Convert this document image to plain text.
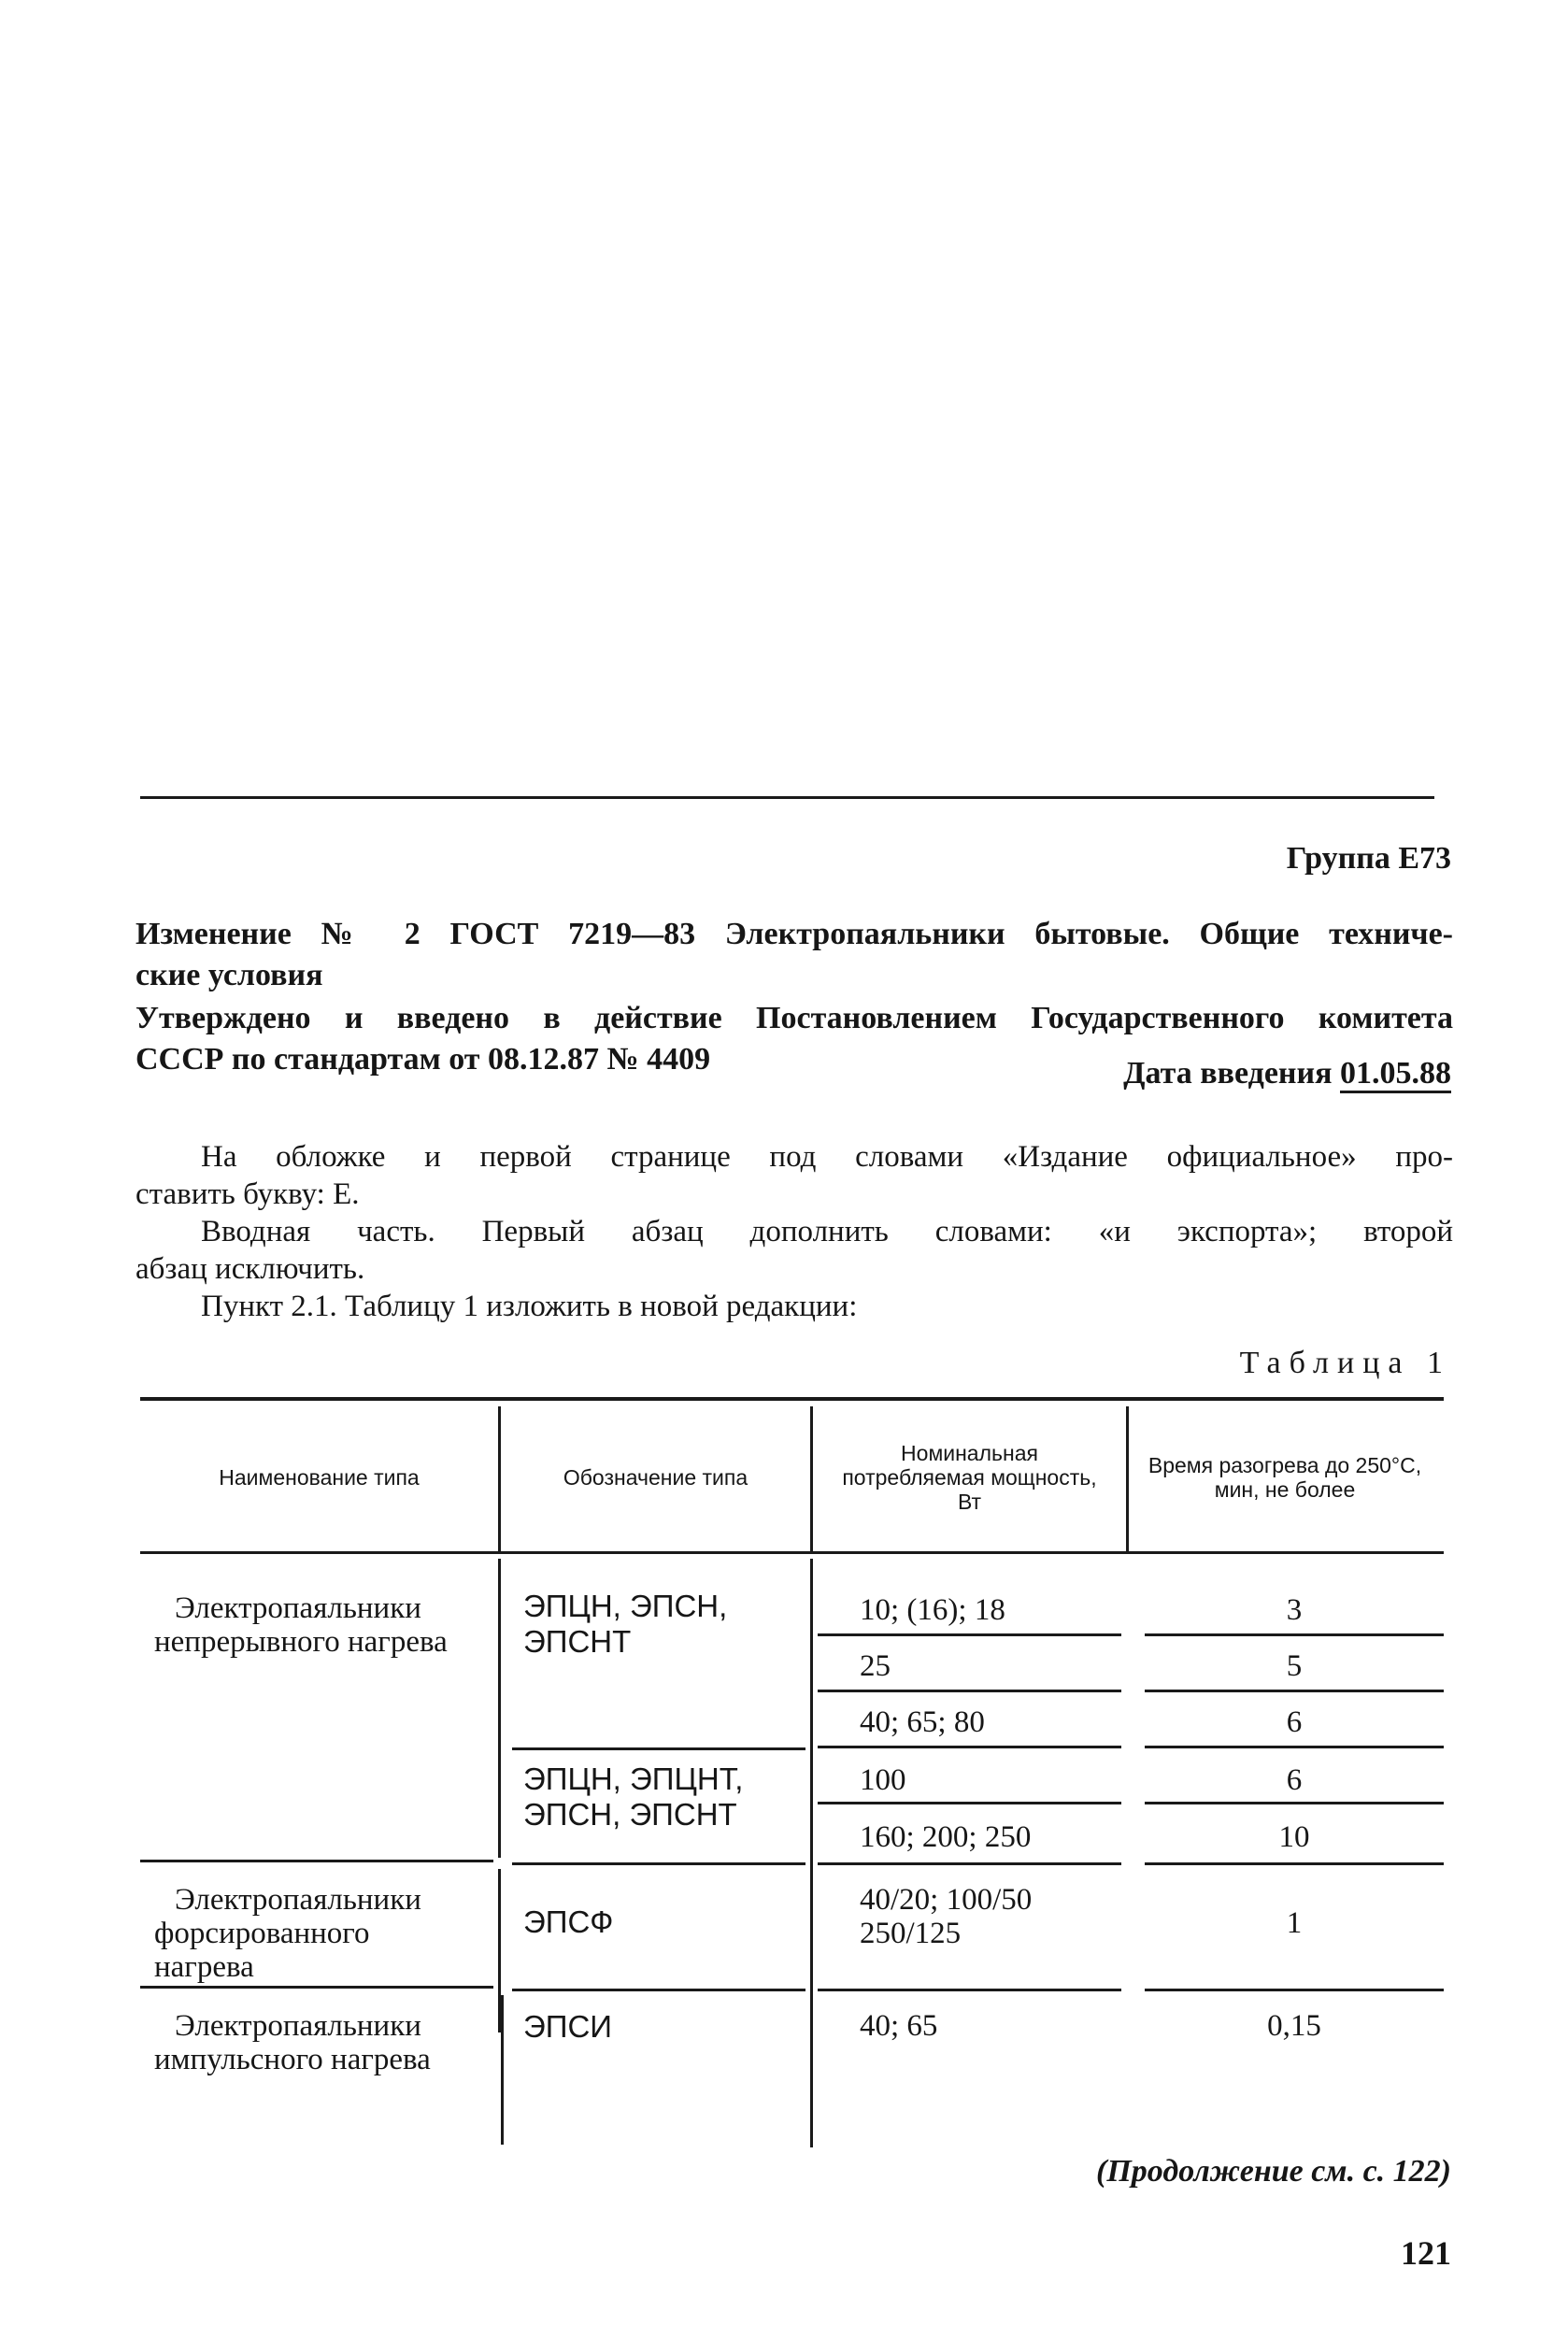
Группа Е73
Изменение № 2 ГОСТ 7219—83 Электропаяльники бытовые. Общие техниче-
ские условия
Утверждено и введено в действие Постановлением Государственного комитета
СССР по стандартам от 08.12.87 № 4409	Дата введения 01.05.88
На обложке и первой странице под словами «Издание официальное» про-
ставить букву: Е.
Вводная часть. Первый абзац дополнить словами: «и экспорта»; второй
абзац исключить.
Пункт 2.1. Таблицу 1 изложить в новой редакции:
Таблица 1
Наименование типа	Обозначение типа
Номинальная потребляемая мощность, Вт
Время разогрева до 250°С, мин, не более
Электропаяльники непрерывного нагрева
Электропаяльники форсированного нагрева
Электропаяльники импульсного нагрева
ЭПЦН, ЭПСН, ЭПСНТ
ЭПЦН, ЭПЦНТ, ЭПСН, ЭПСНТ
ЭПСФ
ЭПСИ
10; (16); 18
25
40; 65; 80
100
160; 200; 250
40/20; 100/50 250/125
40; 65
3
5
6
6
10
1
0,15
(Продолжение см. с. 122)
121
